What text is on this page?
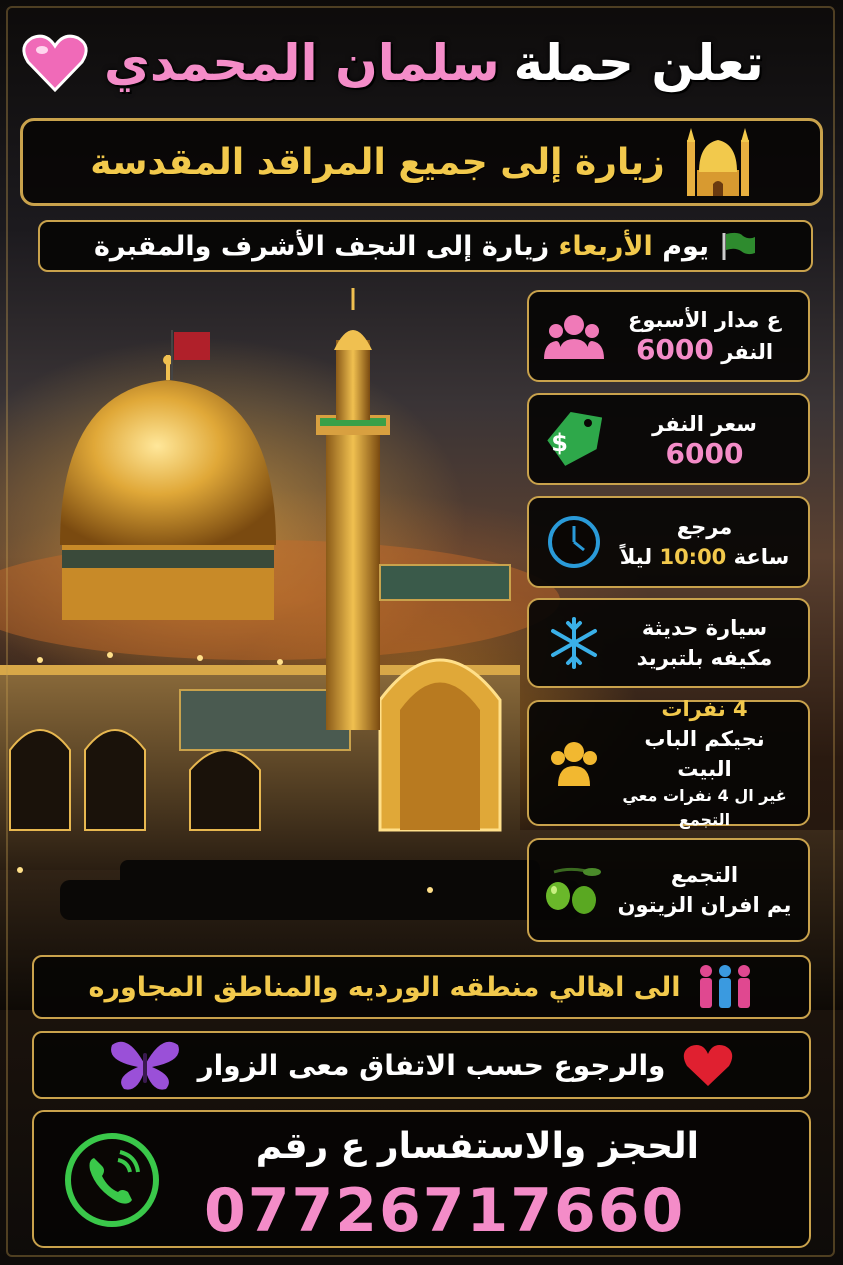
تعلن حملة
سلمان المحمدي
زيارة إلى جميع المراقد المقدسة
يوم الأربعاء زيارة إلى النجف الأشرف والمقبرة
ع مدار الأسبوع
النفر 6000
سعر النفر
6000
$
مرجع
ساعة 10:00 ليلاً
سيارة حديثة
مكيفه بلتبريد
4 نفرات
نجيكم الباب البيت
غير ال 4 نفرات معي التجمع
التجمع
يم افران الزيتون
الى اهالي منطقه الورديه والمناطق المجاوره
والرجوع حسب الاتفاق معى الزوار
الحجز والاستفسار ع رقم
07726717660
